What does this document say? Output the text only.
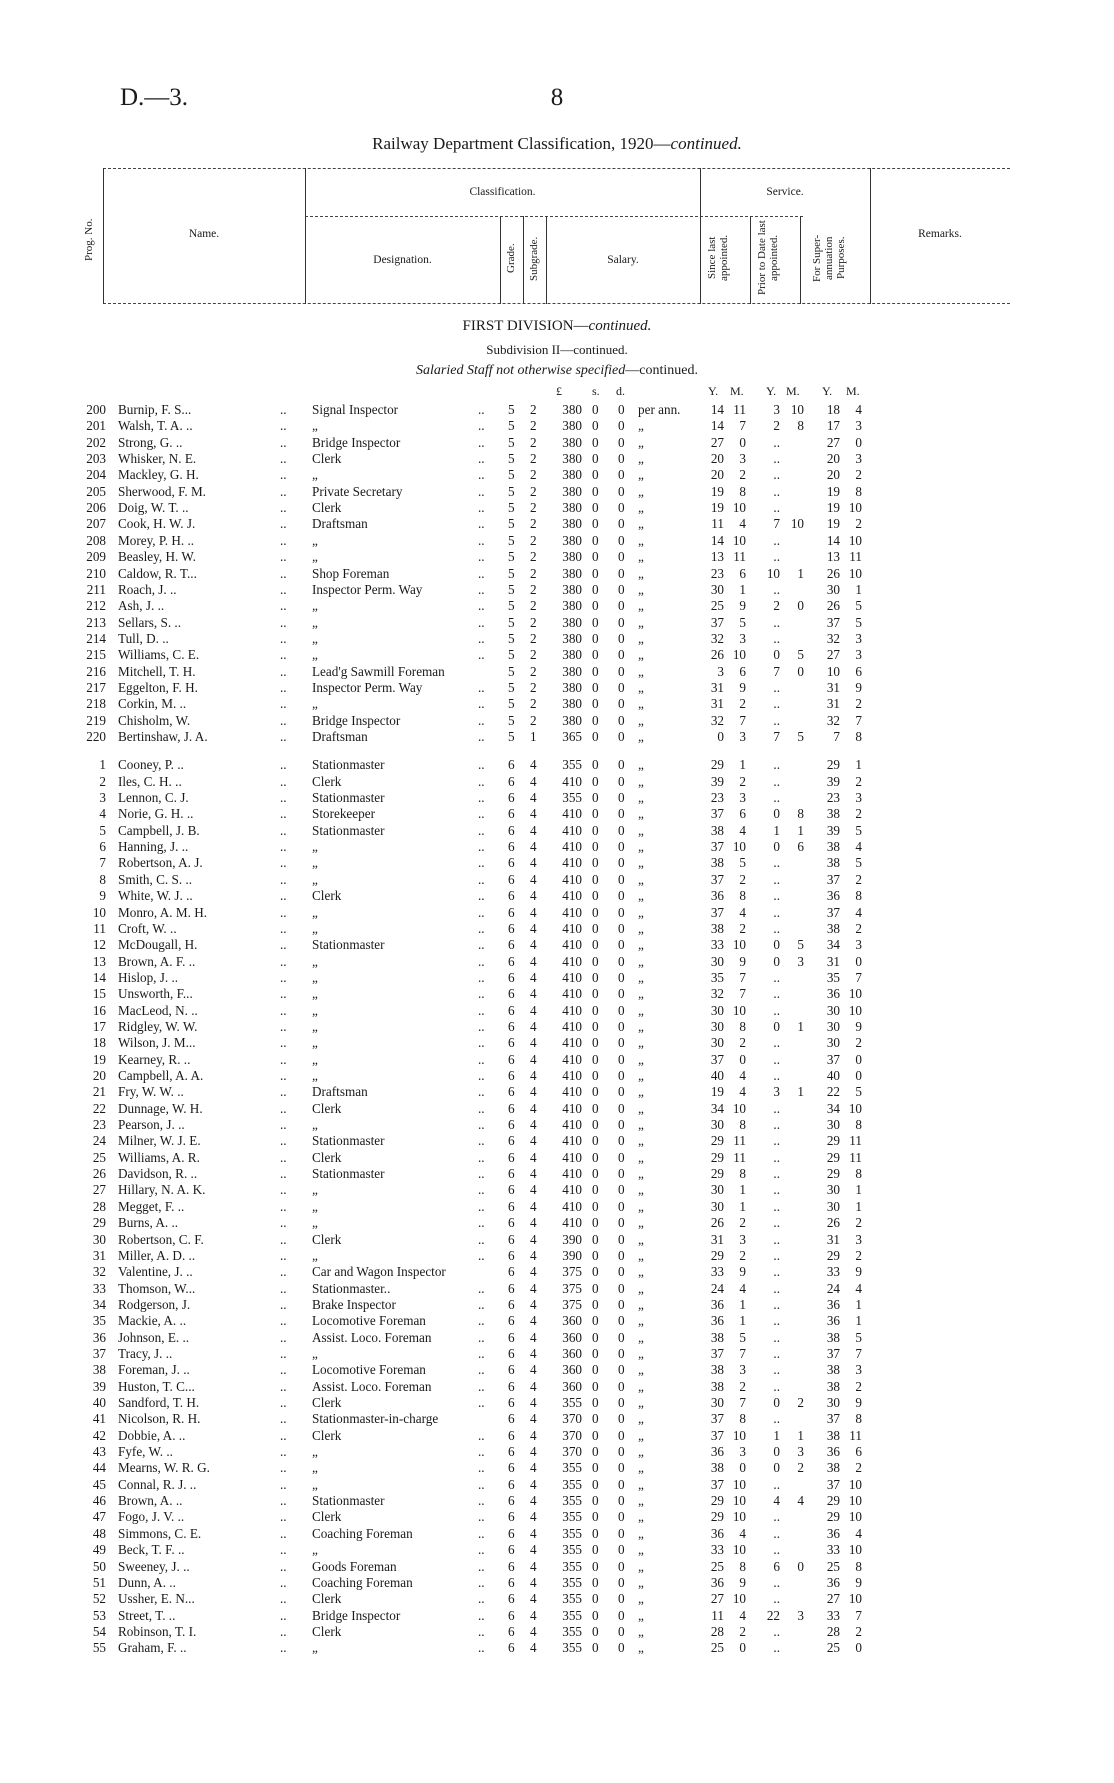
D.—3.	8
Railway Department Classification, 1920—continued.
Prog. No.	Name.
Classification.
Designation.	Grade. Subgrade.	Salary.
Service.
Since last appointed.	Prior to Date last appointed.	For Super-annuation Purposes.
Remarks.
FIRST DIVISION—continued.
Subdivision II—continued.
Salaried Staff not otherwise specified—continued.
£	s. d.	Y. M. Y. M. Y. M.
200 Burnip, F. S...	.. Signal Inspector	.. 5 2	380 0 0 per ann.	14 11	3 10	18	4
201 Walsh, T. A. ..	.. „	.. 5 2	380 0 0 „	14	7	2	8	17	3
202 Strong, G. ..	.. Bridge Inspector	.. 5 2	380 0 0 „	27	0	..	27	0
203 Whisker, N. E.	.. Clerk	.. 5 2	380 0 0 „	20	3	..	20	3
204 Mackley, G. H.	.. „	.. 5 2	380 0 0 „	20	2	..	20	2
205 Sherwood, F. M.	.. Private Secretary	.. 5 2	380 0 0 „	19	8	..	19	8
206 Doig, W. T. ..	.. Clerk	.. 5 2	380 0 0 „	19 10	..	19 10
207 Cook, H. W. J.	.. Draftsman	.. 5 2	380 0 0 „	11	4	7 10	19	2
208 Morey, P. H. ..	.. „	.. 5 2	380 0 0 „	14 10	..	14 10
209 Beasley, H. W.	.. „	.. 5 2	380 0 0 „	13 11	..	13 11
210 Caldow, R. T...	.. Shop Foreman	.. 5 2	380 0 0 „	23	6	10	1	26 10
211 Roach, J. ..	.. Inspector Perm. Way	.. 5 2	380 0 0 „	30	1	..	30	1
212 Ash, J. ..	.. „	.. 5 2	380 0 0 „	25	9	2	0	26	5
213 Sellars, S. ..	.. „	.. 5 2	380 0 0 „	37	5	..	37	5
214 Tull, D. ..	.. „	.. 5 2	380 0 0 „	32	3	..	32	3
215 Williams, C. E.	.. „	.. 5 2	380 0 0 „	26 10	0	5	27	3
216 Mitchell, T. H.	.. Lead'g Sawmill Foreman	5 2	380 0 0 „	3	6	7	0	10	6
217 Eggelton, F. H.	.. Inspector Perm. Way	.. 5 2	380 0 0 „	31	9	..	31	9
218 Corkin, M. ..	.. „	.. 5 2	380 0 0 „	31	2	..	31	2
219 Chisholm, W.	.. Bridge Inspector	.. 5 2	380 0 0 „	32	7	..	32	7
220 Bertinshaw, J. A.	.. Draftsman	.. 5 1	365 0 0 „	0	3	7	5	7	8
1 Cooney, P. ..	.. Stationmaster	.. 6 4	355 0 0 „	29	1	..	29	1
2 Iles, C. H. ..	.. Clerk	.. 6 4	410 0 0 „	39	2	..	39	2
3 Lennon, C. J.	.. Stationmaster	.. 6 4	355 0 0 „	23	3	..	23	3
4 Norie, G. H. ..	.. Storekeeper	.. 6 4	410 0 0 „	37	6	0	8	38	2
5 Campbell, J. B.	.. Stationmaster	.. 6 4	410 0 0 „	38	4	1	1	39	5
6 Hanning, J. ..	.. „	.. 6 4	410 0 0 „	37 10	0	6	38	4
7 Robertson, A. J.	.. „	.. 6 4	410 0 0 „	38	5	..	38	5
8 Smith, C. S. ..	.. „	.. 6 4	410 0 0 „	37	2	..	37	2
9 White, W. J. ..	.. Clerk	.. 6 4	410 0 0 „	36	8	..	36	8
10 Monro, A. M. H.	.. „	.. 6 4	410 0 0 „	37	4	..	37	4
11 Croft, W. ..	.. „	.. 6 4	410 0 0 „	38	2	..	38	2
12 McDougall, H.	.. Stationmaster	.. 6 4	410 0 0 „	33 10	0	5	34	3
13 Brown, A. F. ..	.. „	.. 6 4	410 0 0 „	30	9	0	3	31	0
14 Hislop, J. ..	.. „	.. 6 4	410 0 0 „	35	7	..	35	7
15 Unsworth, F...	.. „	.. 6 4	410 0 0 „	32	7	..	36 10
16 MacLeod, N. ..	.. „	.. 6 4	410 0 0 „	30 10	..	30 10
17 Ridgley, W. W.	.. „	.. 6 4	410 0 0 „	30	8	0	1	30	9
18 Wilson, J. M...	.. „	.. 6 4	410 0 0 „	30	2	..	30	2
19 Kearney, R. ..	.. „	.. 6 4	410 0 0 „	37	0	..	37	0
20 Campbell, A. A.	.. „	.. 6 4	410 0 0 „	40	4	..	40	0
21 Fry, W. W. ..	.. Draftsman	.. 6 4	410 0 0 „	19	4	3	1	22	5
22 Dunnage, W. H.	.. Clerk	.. 6 4	410 0 0 „	34 10	..	34 10
23 Pearson, J. ..	.. „	.. 6 4	410 0 0 „	30	8	..	30	8
24 Milner, W. J. E.	.. Stationmaster	.. 6 4	410 0 0 „	29 11	..	29 11
25 Williams, A. R.	.. Clerk	.. 6 4	410 0 0 „	29 11	..	29 11
26 Davidson, R. ..	.. Stationmaster	.. 6 4	410 0 0 „	29	8	..	29	8
27 Hillary, N. A. K.	.. „	.. 6 4	410 0 0 „	30	1	..	30	1
28 Megget, F. ..	.. „	.. 6 4	410 0 0 „	30	1	..	30	1
29 Burns, A. ..	.. „	.. 6 4	410 0 0 „	26	2	..	26	2
30 Robertson, C. F.	.. Clerk	.. 6 4	390 0 0 „	31	3	..	31	3
31 Miller, A. D. ..	.. „	.. 6 4	390 0 0 „	29	2	..	29	2
32 Valentine, J. ..	.. Car and Wagon Inspector	6 4	375 0 0 „	33	9	..	33	9
33 Thomson, W...	.. Stationmaster..	.. 6 4	375 0 0 „	24	4	..	24	4
34 Rodgerson, J.	.. Brake Inspector	.. 6 4	375 0 0 „	36	1	..	36	1
35 Mackie, A. ..	.. Locomotive Foreman	.. 6 4	360 0 0 „	36	1	..	36	1
36 Johnson, E. ..	.. Assist. Loco. Foreman	.. 6 4	360 0 0 „	38	5	..	38	5
37 Tracy, J. ..	.. „	.. 6 4	360 0 0 „	37	7	..	37	7
38 Foreman, J. ..	.. Locomotive Foreman	.. 6 4	360 0 0 „	38	3	..	38	3
39 Huston, T. C...	.. Assist. Loco. Foreman	.. 6 4	360 0 0 „	38	2	..	38	2
40 Sandford, T. H.	.. Clerk	.. 6 4	355 0 0 „	30	7	0	2	30	9
41 Nicolson, R. H.	.. Stationmaster-in-charge	6 4	370 0 0 „	37	8	..	37	8
42 Dobbie, A. ..	.. Clerk	.. 6 4	370 0 0 „	37 10	1	1	38 11
43 Fyfe, W. ..	.. „	.. 6 4	370 0 0 „	36	3	0	3	36	6
44 Mearns, W. R. G.	.. „	.. 6 4	355 0 0 „	38	0	0	2	38	2
45 Connal, R. J. ..	.. „	.. 6 4	355 0 0 „	37 10	..	37 10
46 Brown, A. ..	.. Stationmaster	.. 6 4	355 0 0 „	29 10	4	4	29 10
47 Fogo, J. V. ..	.. Clerk	.. 6 4	355 0 0 „	29 10	..	29 10
48 Simmons, C. E.	.. Coaching Foreman	.. 6 4	355 0 0 „	36	4	..	36	4
49 Beck, T. F. ..	.. „	.. 6 4	355 0 0 „	33 10	..	33 10
50 Sweeney, J. ..	.. Goods Foreman	.. 6 4	355 0 0 „	25	8	6	0	25	8
51 Dunn, A. ..	.. Coaching Foreman	.. 6 4	355 0 0 „	36	9	..	36	9
52 Ussher, E. N...	.. Clerk	.. 6 4	355 0 0 „	27 10	..	27 10
53 Street, T. ..	.. Bridge Inspector	.. 6 4	355 0 0 „	11	4	22	3	33	7
54 Robinson, T. I.	.. Clerk	.. 6 4	355 0 0 „	28	2	..	28	2
55 Graham, F. ..	.. „	.. 6 4	355 0 0 „	25	0	..	25	0
